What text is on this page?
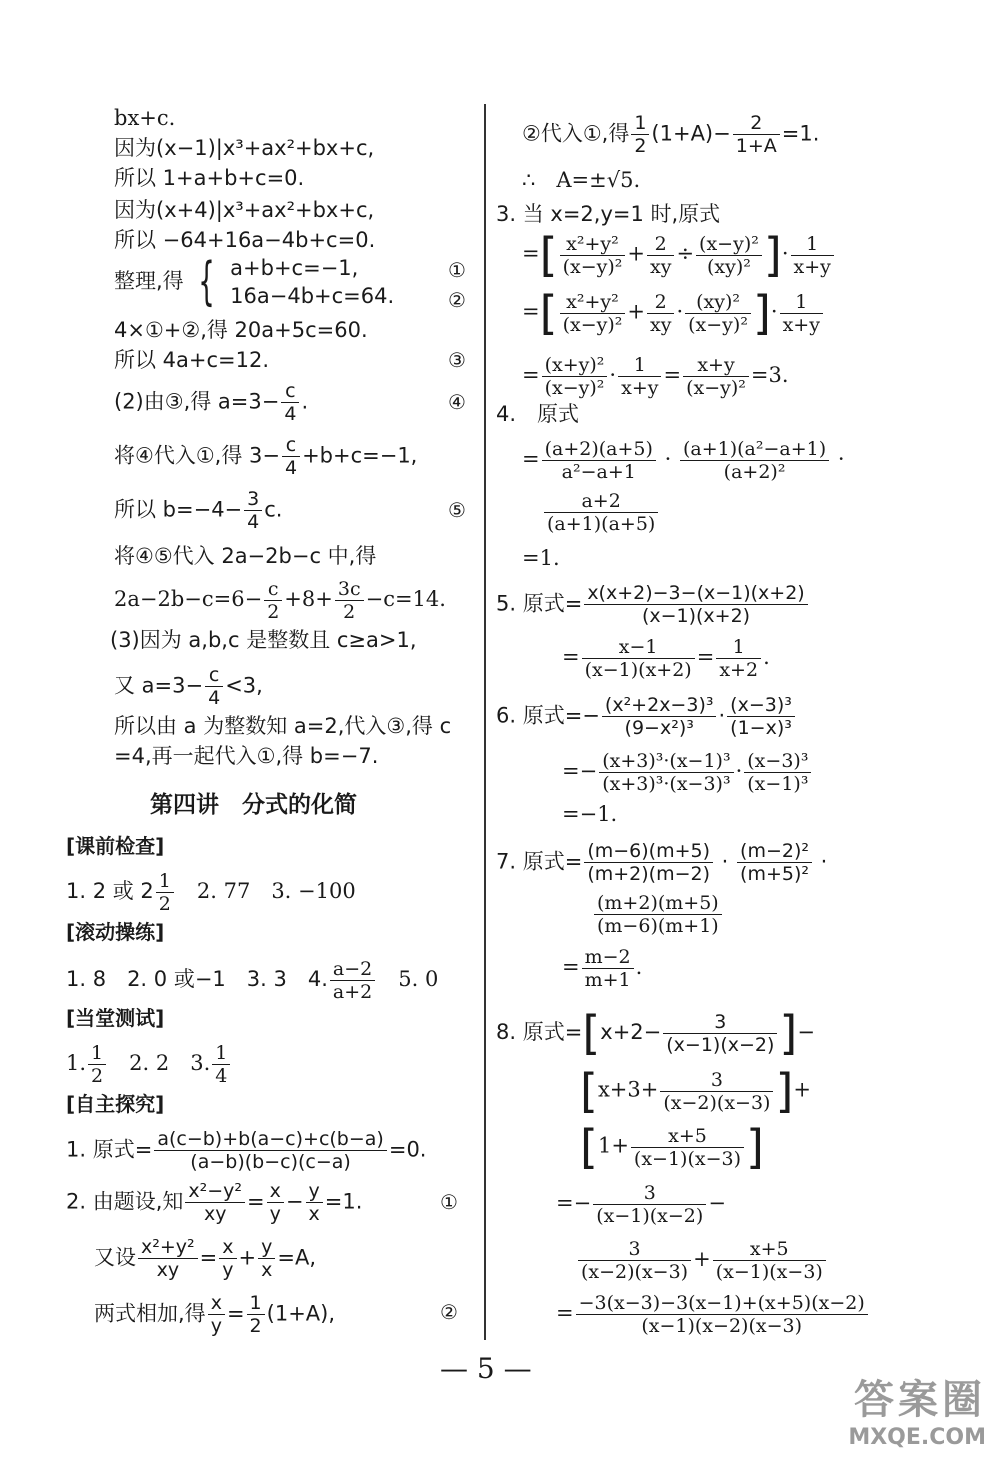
bx+c.
因为(x−1)|x³+ax²+bx+c,
所以 1+a+b+c=0.
因为(x+4)|x³+ax²+bx+c,
所以 −64+16a−4b+c=0.
整理,得 { a+b+c=−1,
16a−4b+c=64.
①
②
4×①+②,得 20a+5c=60.
所以 4a+c=12.	③
(2)由③,得 $a=3- \frac{c}{4}$ .	④
将④代入①,得 $3- \frac{c}{4} +b+c=-1$,
所以 $b=-4- \frac{3}{4} c$.	⑤
将④⑤代入 2a−2b−c 中,得
$2a-2b-c=6- \frac{c}{2} +8+ \frac{3c}{2} -c=14$.
(3)因为 a,b,c 是整数且 c≥a>1,
又 $a=3- \frac{c}{4} <3$,
所以由 a 为整数知 a=2,代入③,得 c
=4,再一起代入①,得 b=−7.
第四讲　分式的化简
[课前检查]
1. 2 或 $2 \frac{1}{2}$
　 2. 77　3. −100
[滚动操练]
1. 8　2. 0 或−1　3. 3　4. $\frac{a-2}{a+2}$
　 5. 0
[当堂测试]
1. $\frac{1}{2}$
　 2. 2　3. $\frac{1}{4}$
[自主探究]
1. 原式= $\frac{a(c-b)+b(a-c)+c(b-a)}{(a-b)(b-c)(c-a)} =0$.
2. 由题设,知 $\frac{\text{x²−y²}}{xy} = \frac{x}{y} - \frac{y}{x} =1$.	①
又设 $\frac{\text{x²+y²}}{xy} = \frac{x}{y} + \frac{y}{x} =A$,
两式相加,得 $\frac{x}{y} = \frac{1}{2} (1+A)$,	②
②代入①,得 $\frac{1}{2} (1+A)- \frac{2}{1+A} =1$.
∴　A=±√5.
3. 当 x=2,y=1 时,原式
=[ $\frac{\text{x²+y²}}{\text{(x−y)²}} + \frac{2}{xy} \div \frac{\text{(x−y)²}}{\text{(xy)²}}$ ]· $\frac{1}{x+y}$
=[ $\frac{\text{x²+y²}}{\text{(x−y)²}} + \frac{2}{xy} \cdot \frac{\text{(xy)²}}{\text{(x−y)²}}$ ]· $\frac{1}{x+y}$
= $\frac{\text{(x+y)²}}{\text{(x−y)²}} \cdot \frac{1}{x+y} = \frac{x+y}{\text{(x−y)²}} =3$.
4.　原式
= $\frac{(a+2)(a+5)}{\text{a²−a+1}} \cdot \frac{\text{(a+1)(a²−a+1)}}{\text{(a+2)²}}$ ·
$\frac{a+2}{(a+1)(a+5)}$
=1.
5. 原式= $\frac{x(x+2)-3-(x-1)(x+2)}{(x-1)(x+2)}$
= $\frac{x-1}{(x-1)(x+2)} = \frac{1}{x+2}$ .
6. 原式=− $\frac{\text{(x²+2x−3)³}}{\text{(9−x²)³}} \cdot \frac{\text{(x−3)³}}{\text{(1−x)³}}$
=− $\frac{\text{(x+3)³·(x−1)³}}{\text{(x+3)³·(x−3)³}} \cdot \frac{\text{(x−3)³}}{\text{(x−1)³}}$
=−1.
7. 原式= $\frac{(m-6)(m+5)}{(m+2)(m-2)} \cdot \frac{\text{(m−2)²}}{\text{(m+5)²}}$ ·
$\frac{(m+2)(m+5)}{(m-6)(m+1)}$
= $\frac{m-2}{m+1}$ .
8. 原式$=[x+2- \frac{3}{(x-1)(x-2)}$ ]−
[$x+3+ \frac{3}{(x-2)(x-3)}$ ]+
[$1+ \frac{x+5}{(x-1)(x-3)}$ ]
=− $\frac{3}{(x-1)(x-2)}$ −
$\frac{3}{(x-2)(x-3)} + \frac{x+5}{(x-1)(x-3)}$
= $\frac{-3(x-3)-3(x-1)+(x+5)(x-2)}{(x-1)(x-2)(x-3)}$
— 5 —
答案圈
MXQE.COM
